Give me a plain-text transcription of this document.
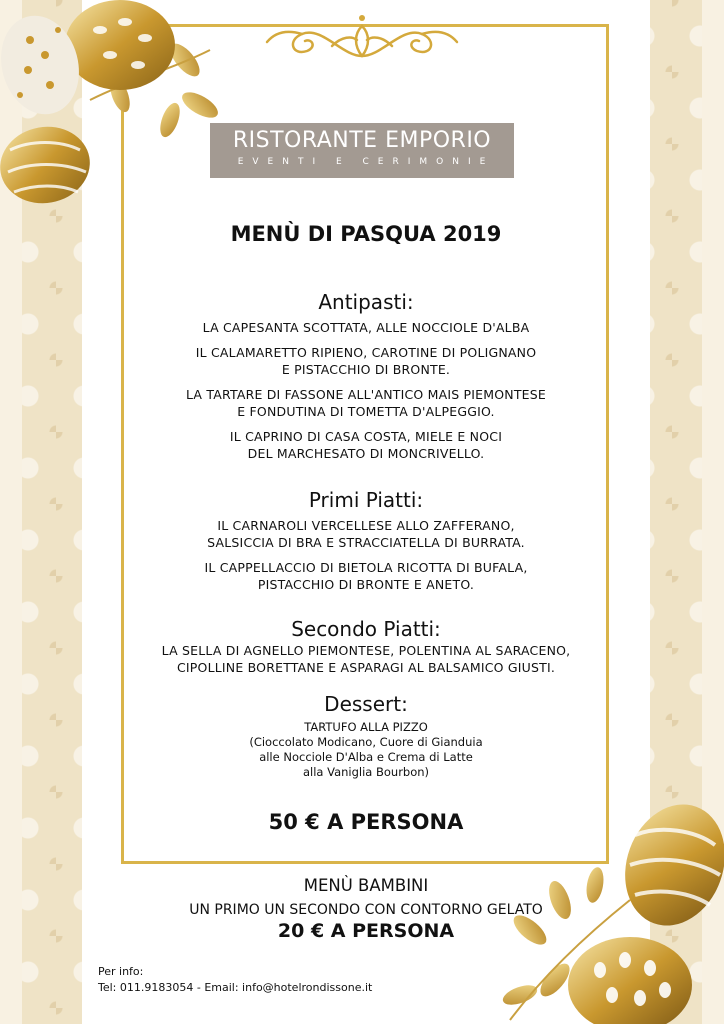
RISTORANTE EMPORIO
EVENTI E CERIMONIE
MENÙ DI PASQUA 2019
Antipasti:
LA CAPESANTA SCOTTATA, ALLE NOCCIOLE D'ALBA
IL CALAMARETTO RIPIENO, CAROTINE DI POLIGNANO
E PISTACCHIO DI BRONTE.
LA TARTARE DI FASSONE ALL'ANTICO MAIS PIEMONTESE
E FONDUTINA DI TOMETTA D'ALPEGGIO.
IL CAPRINO DI CASA COSTA, MIELE E NOCI
DEL MARCHESATO DI MONCRIVELLO.
Primi Piatti:
IL CARNAROLI VERCELLESE ALLO ZAFFERANO,
SALSICCIA DI BRA E STRACCIATELLA DI BURRATA.
IL CAPPELLACCIO DI BIETOLA RICOTTA DI BUFALA,
PISTACCHIO DI BRONTE E ANETO.
Secondo Piatti:
LA SELLA DI AGNELLO PIEMONTESE, POLENTINA AL SARACENO,
CIPOLLINE BORETTANE E ASPARAGI AL BALSAMICO GIUSTI.
Dessert:
TARTUFO ALLA PIZZO
(Cioccolato Modicano, Cuore di Gianduia
alle Nocciole D'Alba e Crema di Latte
alla Vaniglia Bourbon)
50 € A PERSONA
MENÙ BAMBINI
UN PRIMO UN SECONDO CON CONTORNO GELATO
20 € A PERSONA
Per info:
Tel: 011.9183054 - Email: info@hotelrondissone.it
